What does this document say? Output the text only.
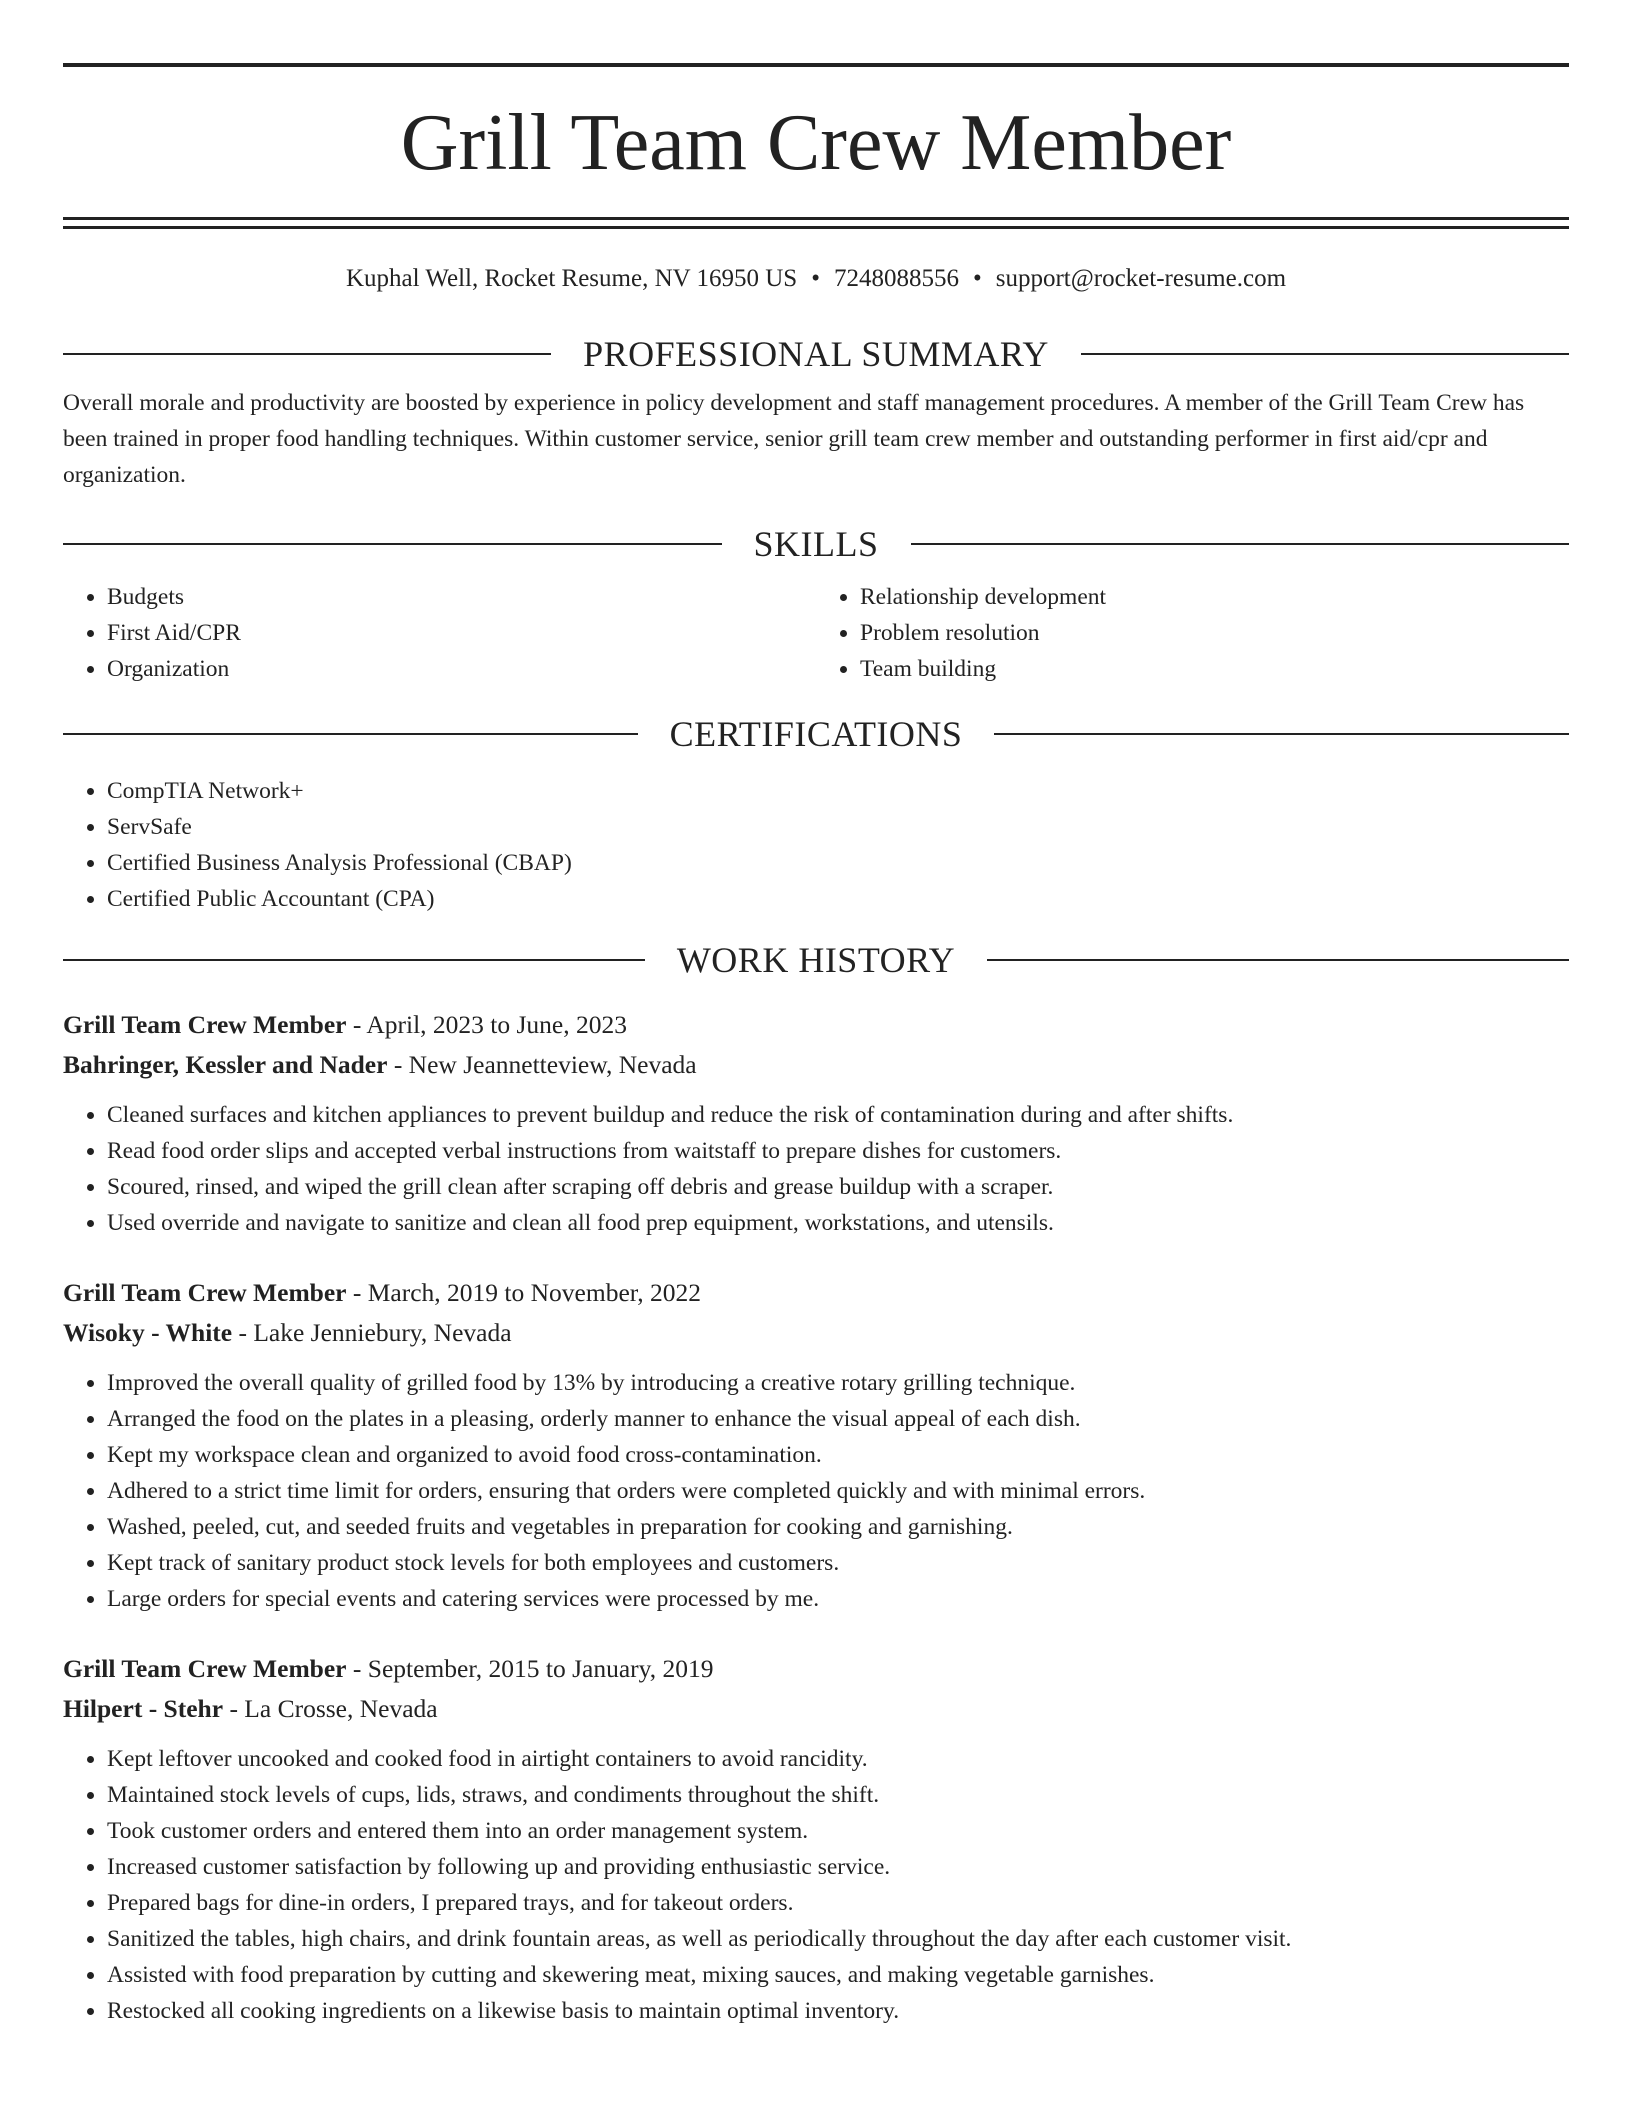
Grill Team Crew Member
Kuphal Well, Rocket Resume, NV 16950 US • 7248088556 • support@rocket-resume.com
PROFESSIONAL SUMMARY

Overall morale and productivity are boosted by experience in policy development and staff management procedures. A member of the Grill Team Crew has been trained in proper food handling techniques. Within customer service, senior grill team crew member and outstanding performer in first aid/cpr and organization.

SKILLS
• Budgets
• First Aid/CPR
• Organization
• Relationship development
• Problem resolution
• Team building
CERTIFICATIONS
• CompTIA Network+
• ServSafe
• Certified Business Analysis Professional (CBAP)
• Certified Public Accountant (CPA)
WORK HISTORY
Grill Team Crew Member - April, 2023 to June, 2023
Bahringer, Kessler and Nader - New Jeannetteview, Nevada
• Cleaned surfaces and kitchen appliances to prevent buildup and reduce the risk of contamination during and after shifts.
• Read food order slips and accepted verbal instructions from waitstaff to prepare dishes for customers.
• Scoured, rinsed, and wiped the grill clean after scraping off debris and grease buildup with a scraper.
• Used override and navigate to sanitize and clean all food prep equipment, workstations, and utensils.
Grill Team Crew Member - March, 2019 to November, 2022
Wisoky - White - Lake Jenniebury, Nevada
• Improved the overall quality of grilled food by 13% by introducing a creative rotary grilling technique.
• Arranged the food on the plates in a pleasing, orderly manner to enhance the visual appeal of each dish.
• Kept my workspace clean and organized to avoid food cross-contamination.
• Adhered to a strict time limit for orders, ensuring that orders were completed quickly and with minimal errors.
• Washed, peeled, cut, and seeded fruits and vegetables in preparation for cooking and garnishing.
• Kept track of sanitary product stock levels for both employees and customers.
• Large orders for special events and catering services were processed by me.
Grill Team Crew Member - September, 2015 to January, 2019
Hilpert - Stehr - La Crosse, Nevada
• Kept leftover uncooked and cooked food in airtight containers to avoid rancidity.
• Maintained stock levels of cups, lids, straws, and condiments throughout the shift.
• Took customer orders and entered them into an order management system.
• Increased customer satisfaction by following up and providing enthusiastic service.
• Prepared bags for dine-in orders, I prepared trays, and for takeout orders.
• Sanitized the tables, high chairs, and drink fountain areas, as well as periodically throughout the day after each customer visit.
• Assisted with food preparation by cutting and skewering meat, mixing sauces, and making vegetable garnishes.
• Restocked all cooking ingredients on a likewise basis to maintain optimal inventory.
